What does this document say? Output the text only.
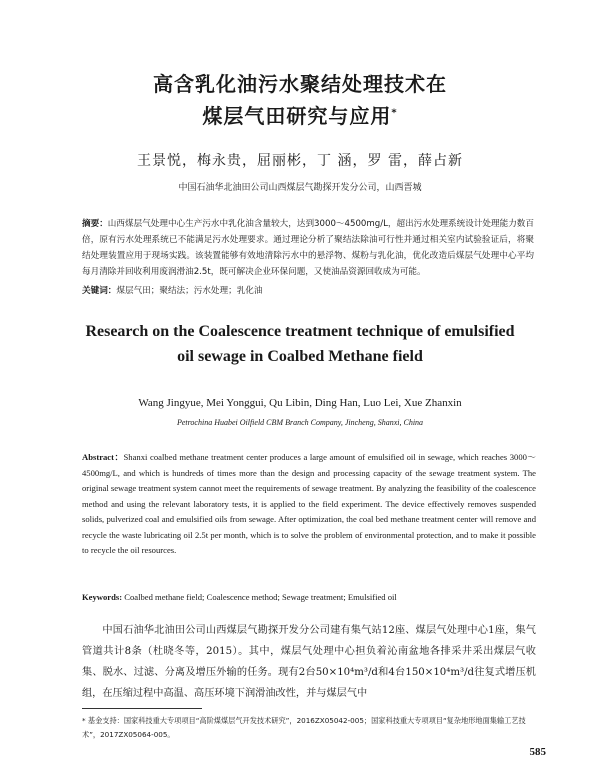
高含乳化油污水聚结处理技术在
煤层气田研究与应用*
王景悦，梅永贵，屈丽彬，丁 涵，罗 雷，薛占新
中国石油华北油田公司山西煤层气勘探开发分公司，山西晋城
摘要：山西煤层气处理中心生产污水中乳化油含量较大，达到3000～4500mg/L，超出污水处理系统设计处理能力数百倍，原有污水处理系统已不能满足污水处理要求。通过理论分析了聚结法除油可行性并通过相关室内试验验证后，将聚结处理装置应用于现场实践。该装置能够有效地清除污水中的悬浮物、煤粉与乳化油，优化改造后煤层气处理中心平均每月清除并回收利用废润滑油2.5t，既可解决企业环保问题，又使油品资源回收成为可能。
关键词：煤层气田；聚结法；污水处理；乳化油
Research on the Coalescence treatment technique of emulsified
oil sewage in Coalbed Methane field
Wang Jingyue, Mei Yonggui, Qu Libin, Ding Han, Luo Lei, Xue Zhanxin
Petrochina Huabei Oilfield CBM Branch Company, Jincheng, Shanxi, China
Abstract：Shanxi coalbed methane treatment center produces a large amount of emulsified oil in sewage, which reaches 3000～4500mg/L, and which is hundreds of times more than the design and processing capacity of the sewage treatment system. The original sewage treatment system cannot meet the requirements of sewage treatment. By analyzing the feasibility of the coalescence method and using the relevant laboratory tests, it is applied to the field experiment. The device effectively removes suspended solids, pulverized coal and emulsified oils from sewage. After optimization, the coal bed methane treatment center will remove and recycle the waste lubricating oil 2.5t per month, which is to solve the problem of environmental protection, and to make it possible to recycle the oil resources.
Keywords: Coalbed methane field; Coalescence method; Sewage treatment; Emulsified oil
中国石油华北油田公司山西煤层气勘探开发分公司建有集气站12座、煤层气处理中心1座，集气管道共计8条（杜晓冬等，2015）。其中，煤层气处理中心担负着沁南盆地各排采井采出煤层气收集、脱水、过滤、分离及增压外输的任务。现有2台50×10⁴m³/d和4台150×10⁴m³/d往复式增压机组，在压缩过程中高温、高压环境下润滑油改性，并与煤层气中
* 基金支持：国家科技重大专项项目“高阶煤煤层气开发技术研究”，2016ZX05042-005；国家科技重大专项项目“复杂地形地面集输工艺技术”，2017ZX05064-005。
585
